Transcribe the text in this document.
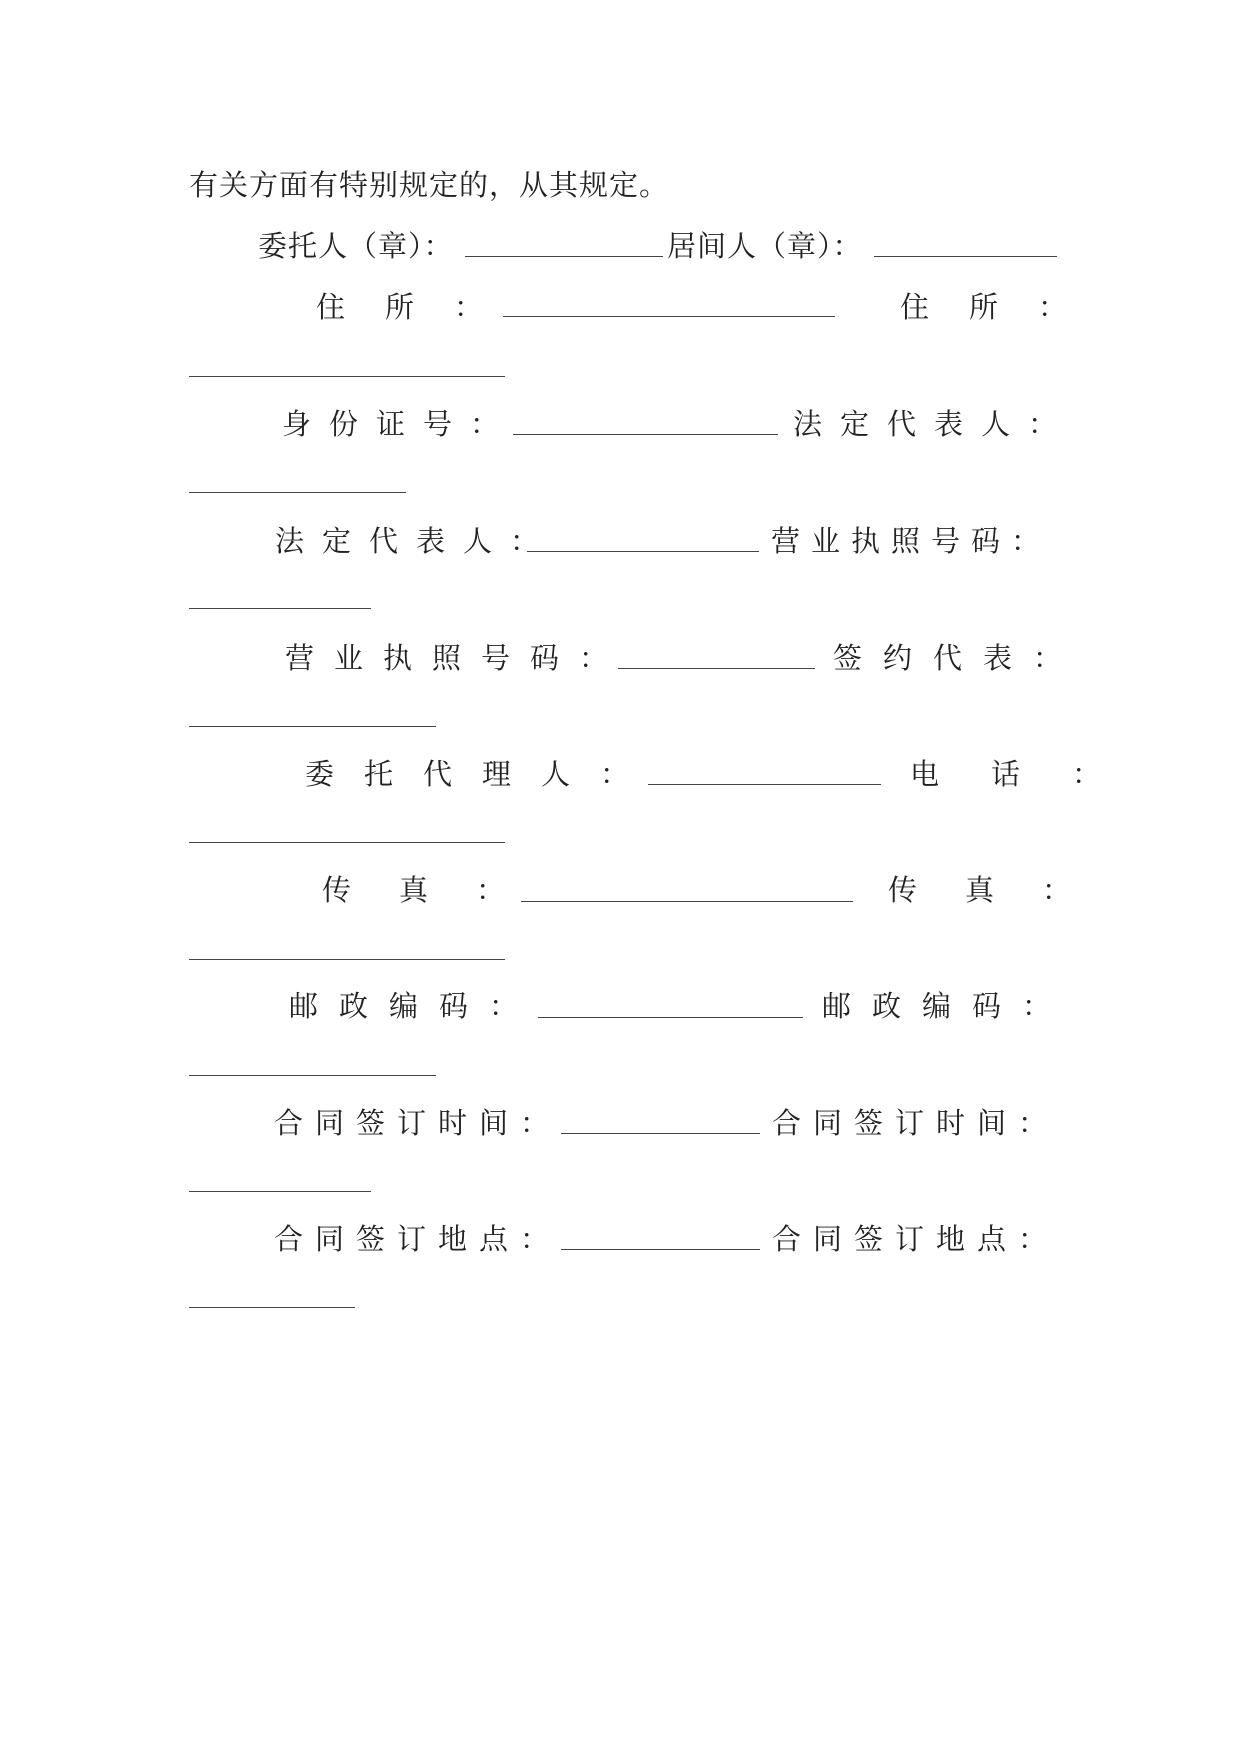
有关方面有特别规定的，从其规定。
委托人（章）：	居间人（章）：
住所：	住所：
身份证号：	法定代表人：
法定代表人：	营业执照号码：
营业执照号码：	签约代表：
委托代理人：	电话：
传真：	传真：
邮政编码：	邮政编码：
合同签订时间：	合同签订时间：
合同签订地点：	合同签订地点：
